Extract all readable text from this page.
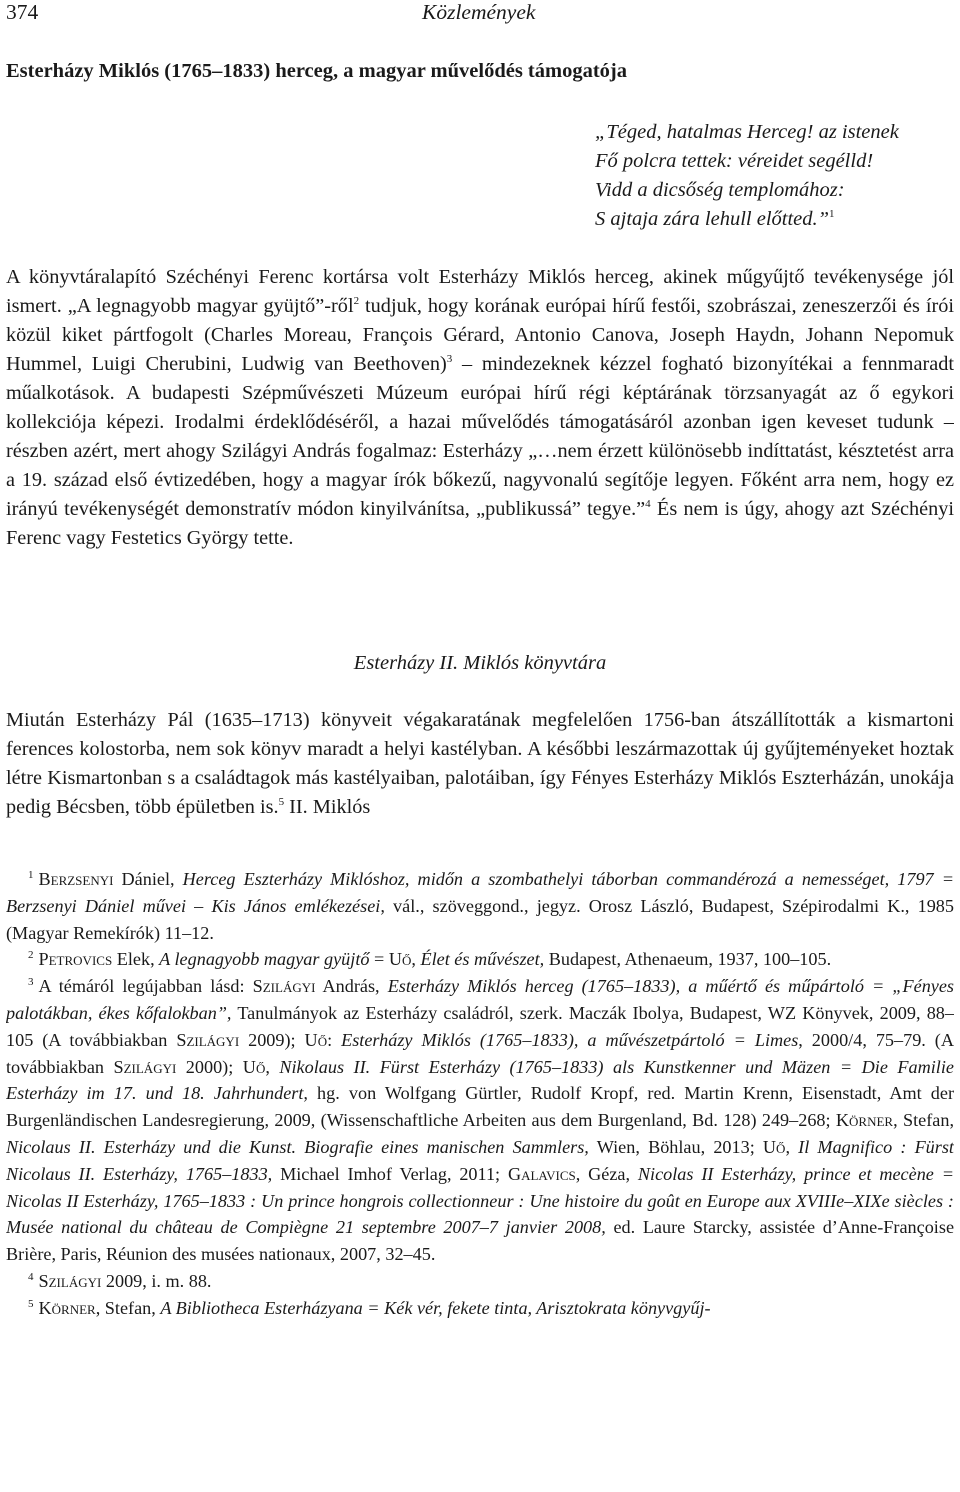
374	Közlemények
Esterházy Miklós (1765–1833) herceg, a magyar művelődés támogatója
„Téged, hatalmas Herceg! az istenek
Fő polcra tettek: véreidet segélld!
Vidd a dicsőség templomához:
S ajtaja zára lehull előtted.”$^1$

A könyvtáralapító Széchényi Ferenc kortársa volt Esterházy Miklós herceg, akinek műgyűjtő tevékenysége jól ismert. „A legnagyobb magyar gyüjtő”-ről$^2$ tudjuk, hogy korának európai hírű festői, szobrászai, zeneszerzői és írói közül kiket pártfogolt (Charles Moreau, François Gérard, Antonio Canova, Joseph Haydn, Johann Nepomuk Hummel, Luigi Cherubini, Ludwig van Beethoven)$^3$ – mindezeknek kézzel fogható bizonyítékai a fennmaradt műalkotások. A budapesti Szépművészeti Múzeum európai hírű régi képtárának törzsanyagát az ő egykori kollekciója képezi. Irodalmi érdeklődéséről, a hazai művelődés támogatásáról azonban igen keveset tudunk – részben azért, mert ahogy Szilágyi András fogalmaz: Esterházy „…nem érzett különösebb indíttatást, késztetést arra a 19. század első évtizedében, hogy a magyar írók bőkezű, nagyvonalú segítője legyen. Főként arra nem, hogy ez irányú tevékenységét demonstratív módon kinyilvánítsa, „publikussá” tegye.”$^4$ És nem is úgy, ahogy azt Széchényi Ferenc vagy Festetics György tette.

Esterházy II. Miklós könyvtára

Miután Esterházy Pál (1635–1713) könyveit végakaratának megfelelően 1756-ban átszállították a kismartoni ferences kolostorba, nem sok könyv maradt a helyi kastélyban. A későbbi leszármazottak új gyűjteményeket hoztak létre Kismartonban s a családtagok más kastélyaiban, palotáiban, így Fényes Esterházy Miklós Eszterházán, unokája pedig Bécsben, több épületben is.$^5$ II. Miklós

$^1$ Berzsenyi Dániel, Herceg Eszterházy Miklóshoz, midőn a szombathelyi táborban commandérozá a nemességet, 1797 = Berzsenyi Dániel művei – Kis János emlékezései, vál., szöveggond., jegyz. Orosz László, Budapest, Szépirodalmi K., 1985 (Magyar Remekírók) 11–12.
$^2$ Petrovics Elek, A legnagyobb magyar gyüjtő = Uő, Élet és művészet, Budapest, Athenaeum, 1937, 100–105.
$^3$ A témáról legújabban lásd: Szilágyi András, Esterházy Miklós herceg (1765–1833), a műértő és műpártoló = „Fényes palotákban, ékes kőfalokban”, Tanulmányok az Esterházy családról, szerk. Maczák Ibolya, Budapest, WZ Könyvek, 2009, 88–105 (A továbbiakban Szilágyi 2009); Uő: Esterházy Miklós (1765–1833), a művészetpártoló = Limes, 2000/4, 75–79. (A továbbiakban Szilágyi 2000); Uő, Nikolaus II. Fürst Esterházy (1765–1833) als Kunstkenner und Mäzen = Die Familie Esterházy im 17. und 18. Jahrhundert, hg. von Wolfgang Gürtler, Rudolf Kropf, red. Martin Krenn, Eisenstadt, Amt der Burgenländischen Landesregierung, 2009, (Wissenschaftliche Arbeiten aus dem Burgenland, Bd. 128) 249–268; Körner, Stefan, Nicolaus II. Esterházy und die Kunst. Biografie eines manischen Sammlers, Wien, Böhlau, 2013; Uő, Il Magnifico : Fürst Nicolaus II. Esterházy, 1765–1833, Michael Imhof Verlag, 2011; Galavics, Géza, Nicolas II Esterházy, prince et mecène = Nicolas II Esterházy, 1765–1833 : Un prince hongrois collectionneur : Une histoire du goût en Europe aux XVIIIe–XIXe siècles : Musée national du château de Compiègne 21 septembre 2007–7 janvier 2008, ed. Laure Starcky, assistée d’Anne-Françoise Brière, Paris, Réunion des musées nationaux, 2007, 32–45.
$^4$ Szilágyi 2009, i. m. 88.
$^5$ Körner, Stefan, A Bibliotheca Esterházyana = Kék vér, fekete tinta, Arisztokrata könyvgyűj-
